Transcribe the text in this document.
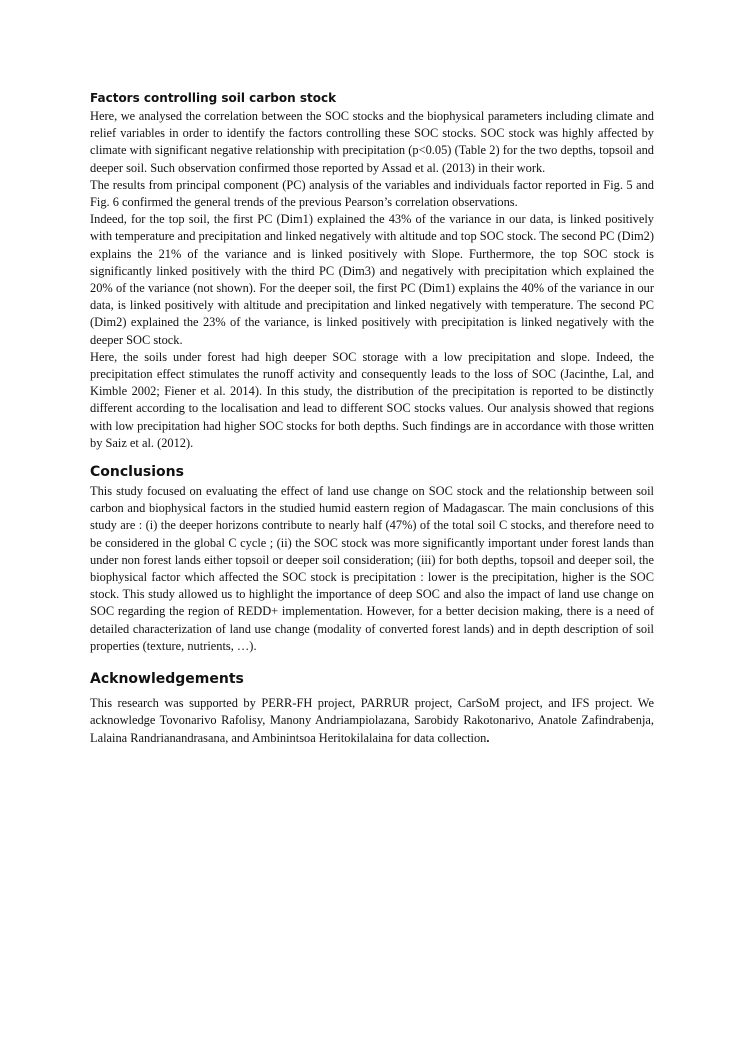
Factors controlling soil carbon stock

Here, we analysed the correlation between the SOC stocks and the biophysical parameters including climate and relief variables in order to identify the factors controlling these SOC stocks. SOC stock was highly affected by climate with significant negative relationship with precipitation (p<0.05) (Table 2) for the two depths, topsoil and deeper soil. Such observation confirmed those reported by Assad et al. (2013) in their work.

The results from principal component (PC) analysis of the variables and individuals factor reported in Fig. 5 and Fig. 6 confirmed the general trends of the previous Pearson’s correlation observations.

Indeed, for the top soil, the first PC (Dim1) explained the 43% of the variance in our data, is linked positively with temperature and precipitation and linked negatively with altitude and top SOC stock. The second PC (Dim2) explains the 21% of the variance and is linked positively with Slope. Furthermore, the top SOC stock is significantly linked positively with the third PC (Dim3) and negatively with precipitation which explained the 20% of the variance (not shown). For the deeper soil, the first PC (Dim1) explains the 40% of the variance in our data, is linked positively with altitude and precipitation and linked negatively with temperature. The second PC (Dim2) explained the 23% of the variance, is linked positively with precipitation is linked negatively with the deeper SOC stock.

Here, the soils under forest had high deeper SOC storage with a low precipitation and slope. Indeed, the precipitation effect stimulates the runoff activity and consequently leads to the loss of SOC (Jacinthe, Lal, and Kimble 2002; Fiener et al. 2014). In this study, the distribution of the precipitation is reported to be distinctly different according to the localisation and lead to different SOC stocks values. Our analysis showed that regions with low precipitation had higher SOC stocks for both depths. Such findings are in accordance with those written by Saiz et al. (2012).

Conclusions

This study focused on evaluating the effect of land use change on SOC stock and the relationship between soil carbon and biophysical factors in the studied humid eastern region of Madagascar. The main conclusions of this study are : (i) the deeper horizons contribute to nearly half (47%) of the total soil C stocks, and therefore need to be considered in the global C cycle ; (ii) the SOC stock was more significantly important under forest lands than under non forest lands either topsoil or deeper soil consideration; (iii) for both depths, topsoil and deeper soil, the biophysical factor which affected the SOC stock is precipitation : lower is the precipitation, higher is the SOC stock. This study allowed us to highlight the importance of deep SOC and also the impact of land use change on SOC regarding the region of REDD+ implementation. However, for a better decision making, there is a need of detailed characterization of land use change (modality of converted forest lands) and in depth description of soil properties (texture, nutrients, …).

Acknowledgements

This research was supported by PERR-FH project, PARRUR project, CarSoM project, and IFS project. We acknowledge Tovonarivo Rafolisy, Manony Andriampiolazana, Sarobidy Rakotonarivo, Anatole Zafindrabenja, Lalaina Randrianandrasana, and Ambinintsoa Heritokilalaina for data collection.
